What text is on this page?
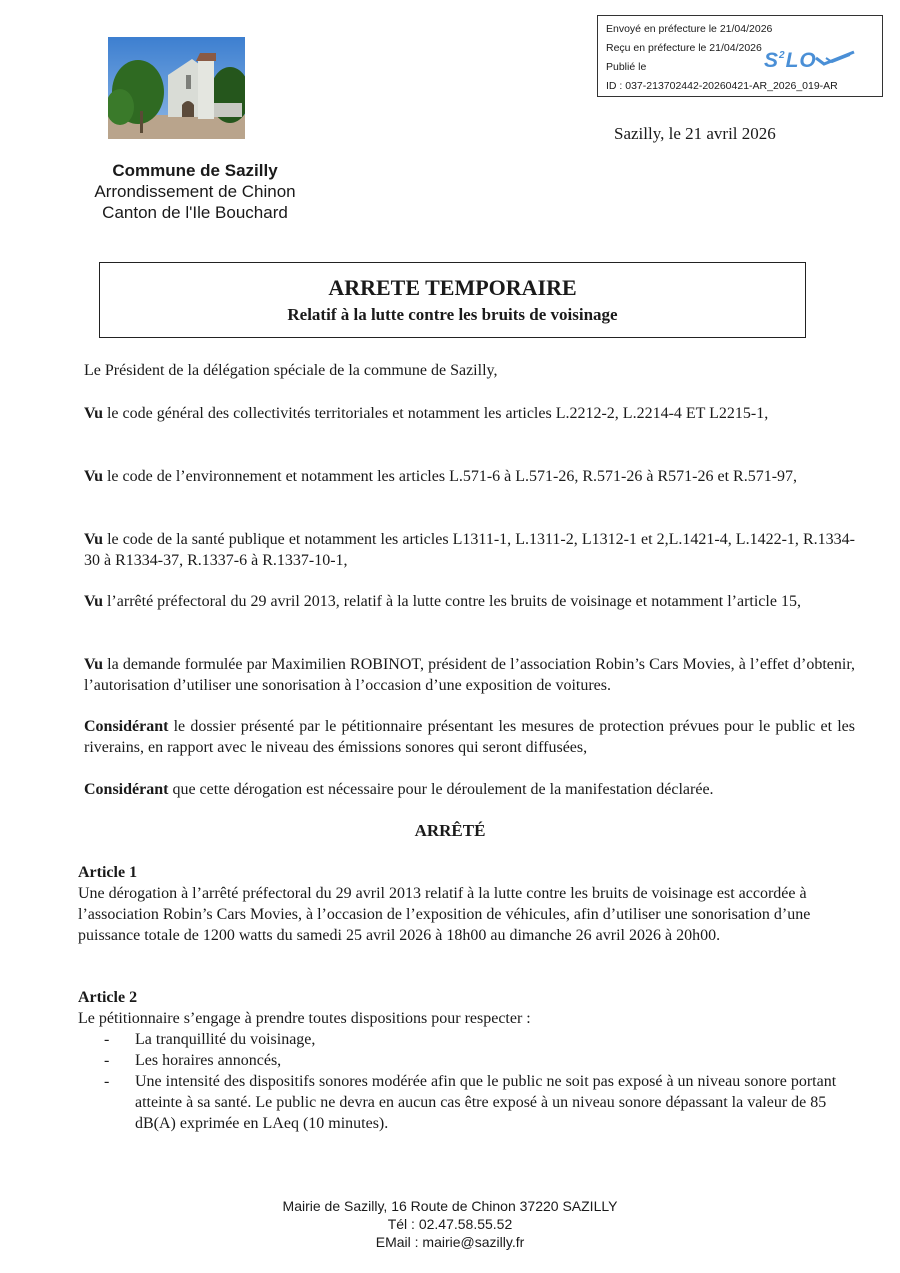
Envoyé en préfecture le 21/04/2026
Reçu en préfecture le 21/04/2026
Publié le
ID : 037-213702442-20260421-AR_2026_019-AR
$S^2LO$
Commune de Sazilly
Arrondissement de Chinon
Canton de l'Ile Bouchard
Sazilly, le 21 avril 2026
ARRETE TEMPORAIRE
Relatif à la lutte contre les bruits de voisinage

Le Président de la délégation spéciale de la commune de Sazilly,

Vu le code général des collectivités territoriales et notamment les articles L.2212-2, L.2214-4 ET L2215-1,

Vu le code de l’environnement et notamment les articles L.571-6 à L.571-26, R.571-26 à R571-26 et R.571-97,

Vu le code de la santé publique et notamment les articles L1311-1, L.1311-2, L1312-1 et 2,L.1421-4, L.1422-1, R.1334-30 à R1334-37, R.1337-6 à R.1337-10-1,

Vu l’arrêté préfectoral du 29 avril 2013, relatif à la lutte contre les bruits de voisinage et notamment l’article 15,

Vu la demande formulée par Maximilien ROBINOT, président de l’association Robin’s Cars Movies, à l’effet d’obtenir, l’autorisation d’utiliser une sonorisation à l’occasion d’une exposition de voitures.

Considérant le dossier présenté par le pétitionnaire présentant les mesures de protection prévues pour le public et les riverains, en rapport avec le niveau des émissions sonores qui seront diffusées,

Considérant que cette dérogation est nécessaire pour le déroulement de la manifestation déclarée.

ARRÊTÉ
Article 1
Une dérogation à l’arrêté préfectoral du 29 avril 2013 relatif à la lutte contre les bruits de voisinage est accordée à l’association Robin’s Cars Movies, à l’occasion de l’exposition de véhicules, afin d’utiliser une sonorisation d’une puissance totale de 1200 watts du samedi 25 avril 2026 à 18h00 au dimanche 26 avril 2026 à 20h00.
Article 2
Le pétitionnaire s’engage à prendre toutes dispositions pour respecter :
- La tranquillité du voisinage,
- Les horaires annoncés,
- Une intensité des dispositifs sonores modérée afin que le public ne soit pas exposé à un niveau sonore portant atteinte à sa santé. Le public ne devra en aucun cas être exposé à un niveau sonore dépassant la valeur de 85 dB(A) exprimée en LAeq (10 minutes).
Mairie de Sazilly, 16 Route de Chinon 37220 SAZILLY
Tél : 02.47.58.55.52
EMail : mairie@sazilly.fr
